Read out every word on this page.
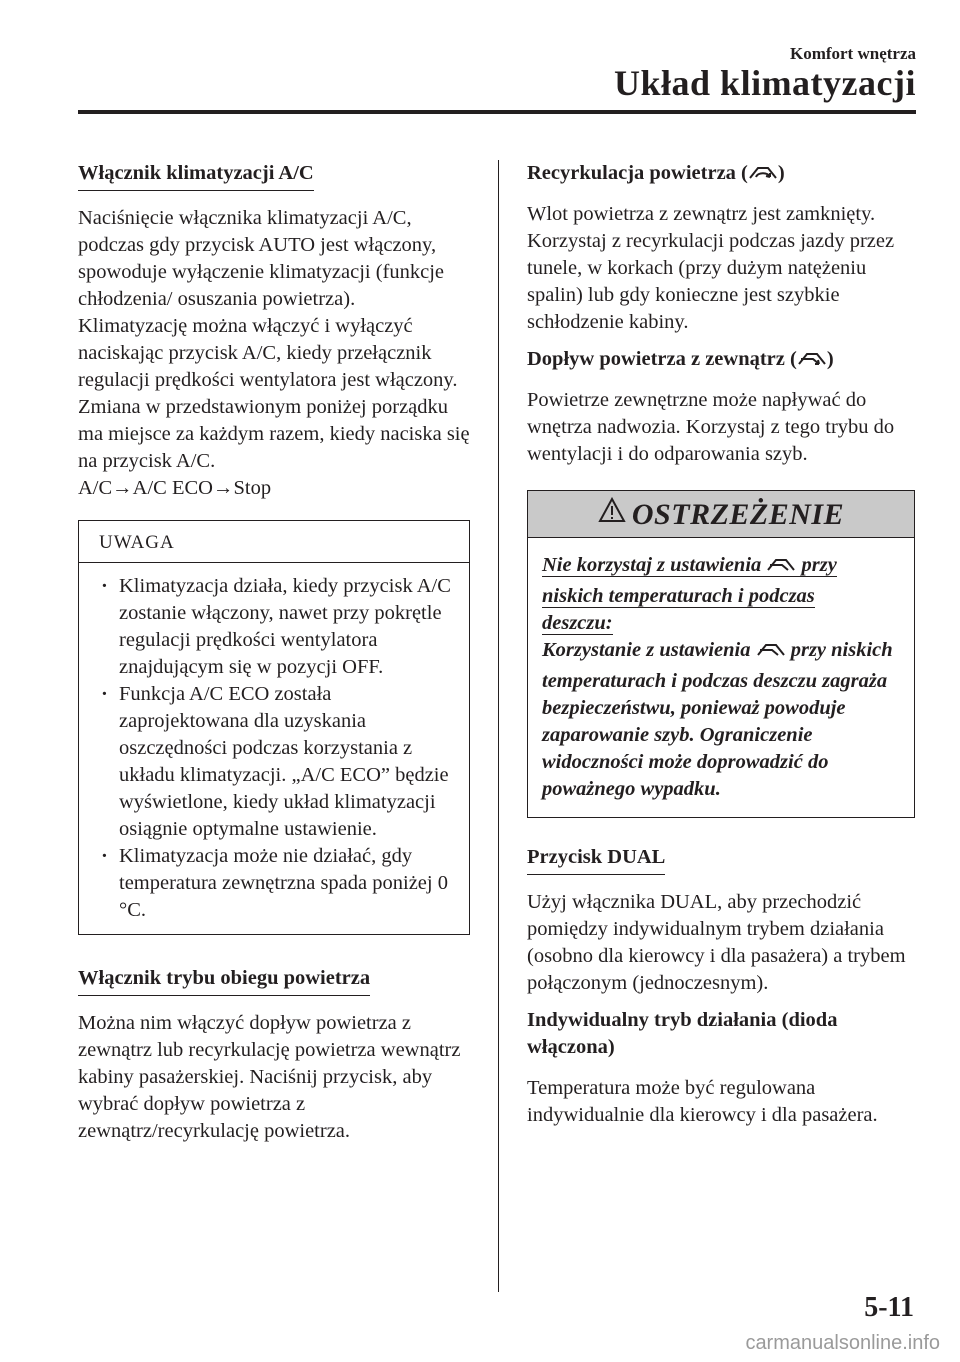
Komfort wnętrza
Układ klimatyzacji

Włącznik klimatyzacji A/C

Naciśnięcie włącznika klimatyzacji A/C, podczas gdy przycisk AUTO jest włączony, spowoduje wyłączenie klimatyzacji (funkcje chłodzenia/ osuszania powietrza).

Klimatyzację można włączyć i wyłączyć naciskając przycisk A/C, kiedy przełącznik regulacji prędkości wentylatora jest włączony.

Zmiana w przedstawionym poniżej porządku ma miejsce za każdym razem, kiedy naciska się na przycisk A/C.

A/C→A/C ECO→Stop

UWAGA
· Klimatyzacja działa, kiedy przycisk A/C zostanie włączony, nawet przy pokrętle regulacji prędkości wentylatora znajdującym się w pozycji OFF.
· Funkcja A/C ECO została zaprojektowana dla uzyskania oszczędności podczas korzystania z układu klimatyzacji. „A/C ECO” będzie wyświetlone, kiedy układ klimatyzacji osiągnie optymalne ustawienie.
· Klimatyzacja może nie działać, gdy temperatura zewnętrzna spada poniżej 0 °C.

Włącznik trybu obiegu powietrza

Można nim włączyć dopływ powietrza z zewnątrz lub recyrkulację powietrza wewnątrz kabiny pasażerskiej. Naciśnij przycisk, aby wybrać dopływ powietrza z zewnątrz/recyrkulację powietrza.

Recyrkulacja powietrza ( )

Wlot powietrza z zewnątrz jest zamknięty. Korzystaj z recyrkulacji podczas jazdy przez tunele, w korkach (przy dużym natężeniu spalin) lub gdy konieczne jest szybkie schłodzenie kabiny.

Dopływ powietrza z zewnątrz ( )

Powietrze zewnętrzne może napływać do wnętrza nadwozia. Korzystaj z tego trybu do wentylacji i do odparowania szyb.

OSTRZEŻENIE
Nie korzystaj z ustawienia przy
niskich temperaturach i podczas
deszczu:
Korzystanie z ustawienia przy niskich temperaturach i podczas deszczu zagraża bezpieczeństwu, ponieważ powoduje zaparowanie szyb. Ograniczenie widoczności może doprowadzić do poważnego wypadku.

Przycisk DUAL

Użyj włącznika DUAL, aby przechodzić pomiędzy indywidualnym trybem działania (osobno dla kierowcy i dla pasażera) a trybem połączonym (jednoczesnym).

Indywidualny tryb działania (dioda włączona)

Temperatura może być regulowana indywidualnie dla kierowcy i dla pasażera.

5-11
carmanualsonline.info
